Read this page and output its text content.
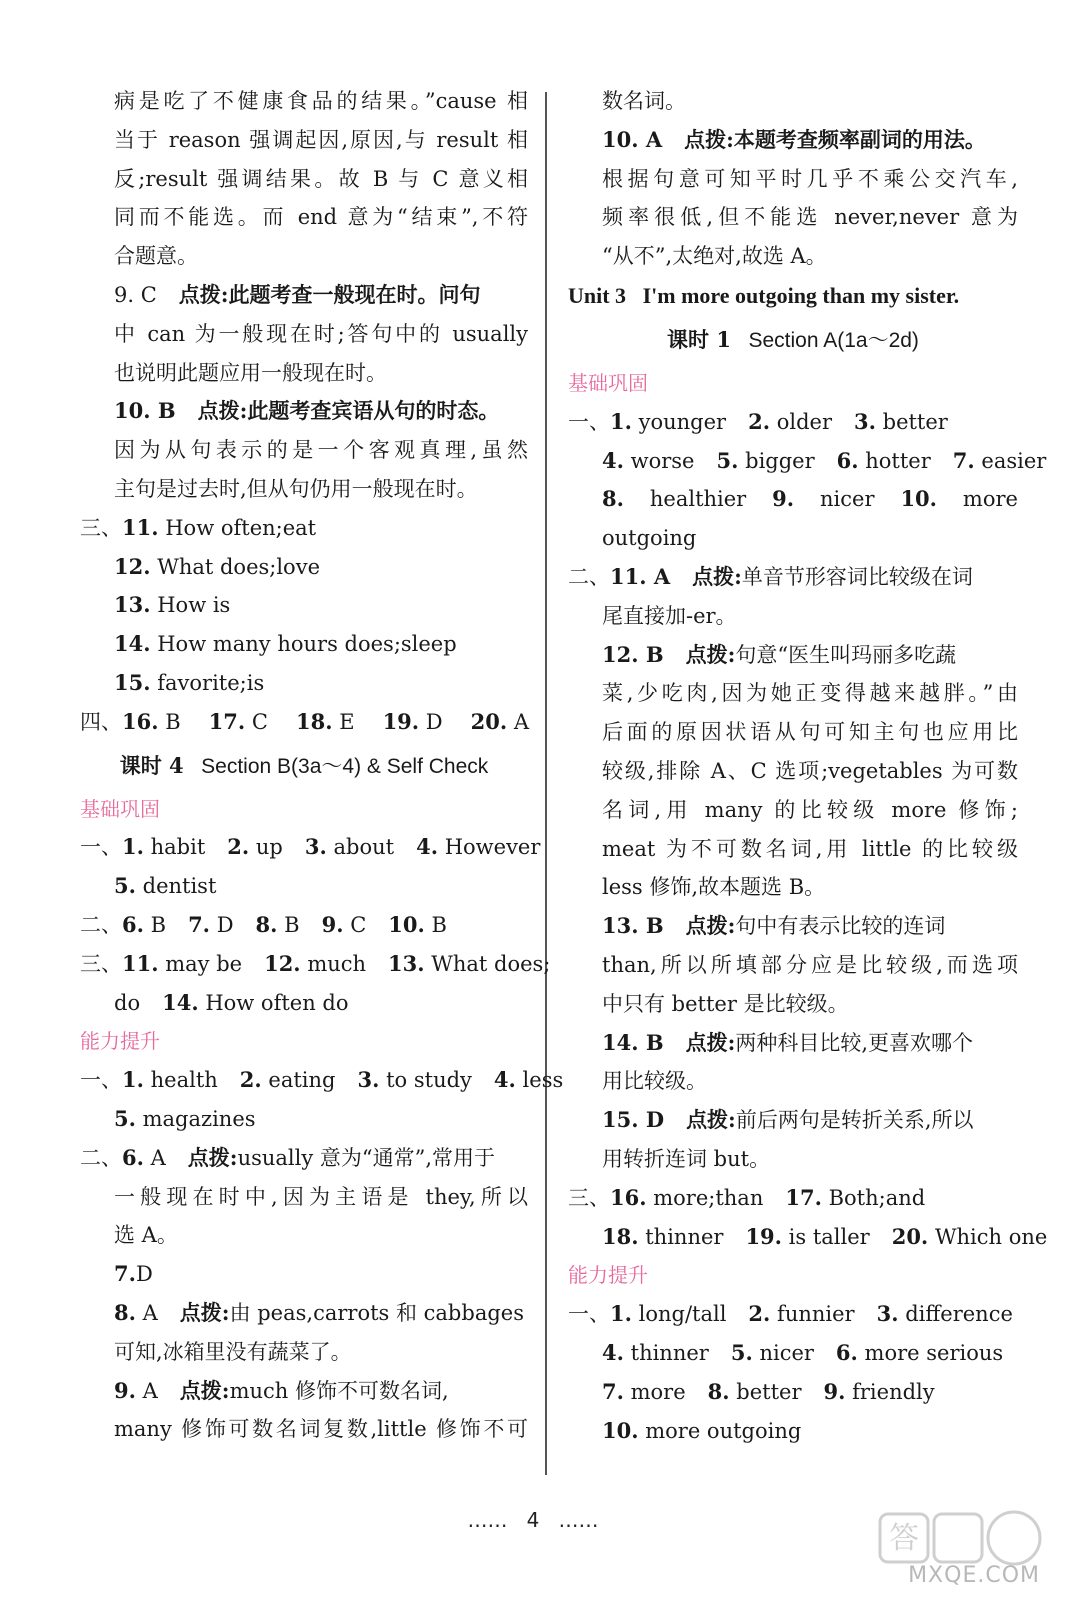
病是吃了不健康食品的结果。”cause 相
当于 reason 强调起因,原因,与 result 相
反;result 强调结果。故 B 与 C 意义相
同而不能选。而 end 意为“结束”,不符
合题意。
9. C 点拨:此题考查一般现在时。问句
中 can 为一般现在时;答句中的 usually
也说明此题应用一般现在时。
10. B 点拨:此题考查宾语从句的时态。
因为从句表示的是一个客观真理,虽然
主句是过去时,但从句仍用一般现在时。
三、11. How often;eat
12. What does;love
13. How is
14. How many hours does;sleep
15. favorite;is
四、16. B 17. C 18. E 19. D 20. A
课时 4 Section B(3a～4) & Self Check
基础巩固
一、1. habit 2. up 3. about 4. However
5. dentist
二、6. B 7. D 8. B 9. C 10. B
三、11. may be 12. much 13. What does;
do 14. How often do
能力提升
一、1. health 2. eating 3. to study 4. less
5. magazines
二、6. A 点拨:usually 意为“通常”,常用于
一般现在时中,因为主语是 they,所以
选 A。
7.D
8. A 点拨:由 peas,carrots 和 cabbages
可知,冰箱里没有蔬菜了。
9. A 点拨:much 修饰不可数名词,
many 修饰可数名词复数,little 修饰不可
数名词。
10. A 点拨:本题考查频率副词的用法。
根据句意可知平时几乎不乘公交汽车,
频率很低,但不能选 never,never 意为
“从不”,太绝对,故选 A。
Unit 3 I'm more outgoing than my sister.
课时 1 Section A(1a～2d)
基础巩固
一、1. younger 2. older 3. better
4. worse 5. bigger 6. hotter 7. easier
8. healthier 9. nicer 10. more
outgoing
二、11. A 点拨:单音节形容词比较级在词
尾直接加-er。
12. B 点拨:句意“医生叫玛丽多吃蔬
菜,少吃肉,因为她正变得越来越胖。”由
后面的原因状语从句可知主句也应用比
较级,排除 A、C 选项;vegetables 为可数
名词,用 many 的比较级 more 修饰;
meat 为不可数名词,用 little 的比较级
less 修饰,故本题选 B。
13. B 点拨:句中有表示比较的连词
than,所以所填部分应是比较级,而选项
中只有 better 是比较级。
14. B 点拨:两种科目比较,更喜欢哪个
用比较级。
15. D 点拨:前后两句是转折关系,所以
用转折连词 but。
三、16. more;than 17. Both;and
18. thinner 19. is taller 20. Which one
能力提升
一、1. long/tall 2. funnier 3. difference
4. thinner 5. nicer 6. more serious
7. more 8. better 9. friendly
10. more outgoing
…… 4 ……
答
MXQE.COM
